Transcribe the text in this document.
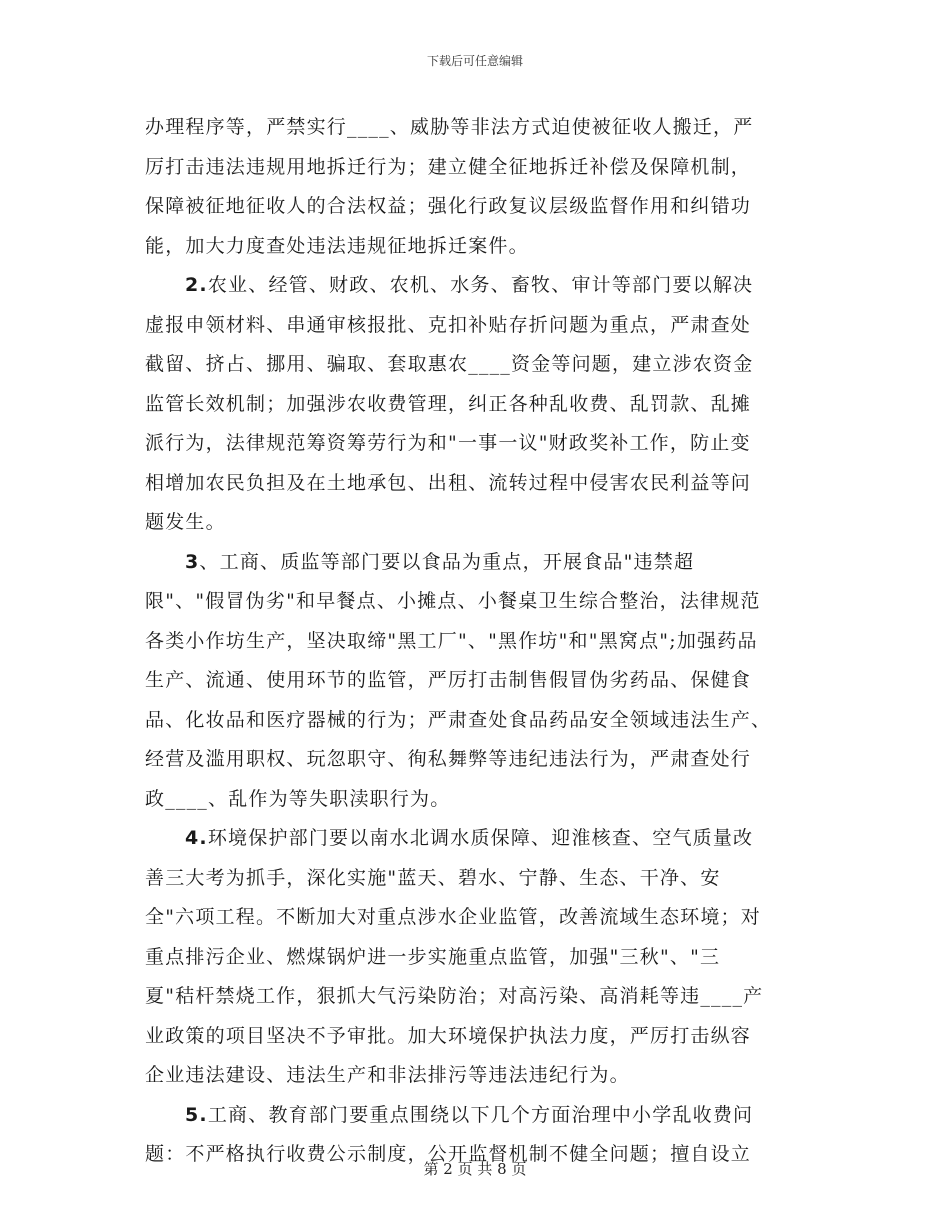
下载后可任意编辑
办理程序等，严禁实行____、威胁等非法方式迫使被征收人搬迁，严
厉打击违法违规用地拆迁行为；建立健全征地拆迁补偿及保障机制，
保障被征地征收人的合法权益；强化行政复议层级监督作用和纠错功
能，加大力度查处违法违规征地拆迁案件。
2.农业、经管、财政、农机、水务、畜牧、审计等部门要以解决
虚报申领材料、串通审核报批、克扣补贴存折问题为重点，严肃查处
截留、挤占、挪用、骗取、套取惠农____资金等问题，建立涉农资金
监管长效机制；加强涉农收费管理，纠正各种乱收费、乱罚款、乱摊
派行为，法律规范筹资筹劳行为和"一事一议"财政奖补工作，防止变
相增加农民负担及在土地承包、出租、流转过程中侵害农民利益等问
题发生。
3、工商、质监等部门要以食品为重点，开展食品"违禁超
限"、"假冒伪劣"和早餐点、小摊点、小餐桌卫生综合整治，法律规范
各类小作坊生产，坚决取缔"黑工厂"、"黑作坊"和"黑窝点";加强药品
生产、流通、使用环节的监管，严厉打击制售假冒伪劣药品、保健食
品、化妆品和医疗器械的行为；严肃查处食品药品安全领域违法生产、
经营及滥用职权、玩忽职守、徇私舞弊等违纪违法行为，严肃查处行
政____、乱作为等失职渎职行为。
4.环境保护部门要以南水北调水质保障、迎淮核查、空气质量改
善三大考为抓手，深化实施"蓝天、碧水、宁静、生态、干净、安
全"六项工程。不断加大对重点涉水企业监管，改善流域生态环境；对
重点排污企业、燃煤锅炉进一步实施重点监管，加强"三秋"、"三
夏"秸杆禁烧工作，狠抓大气污染防治；对高污染、高消耗等违____产
业政策的项目坚决不予审批。加大环境保护执法力度，严厉打击纵容
企业违法建设、违法生产和非法排污等违法违纪行为。
5.工商、教育部门要重点围绕以下几个方面治理中小学乱收费问
题：不严格执行收费公示制度，公开监督机制不健全问题；擅自设立
第 2 页 共 8 页
